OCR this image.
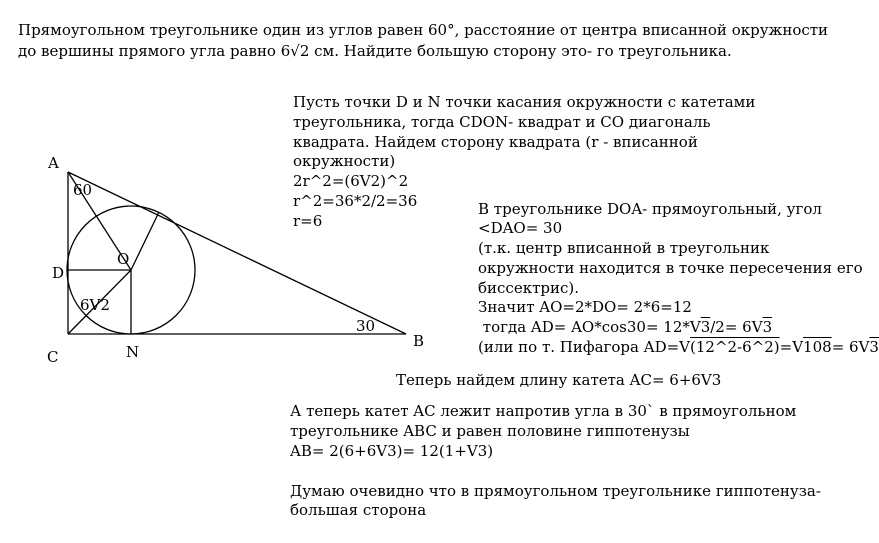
Прямоугольном треугольнике один из углов равен 60°, расстояние от центра вписанной окружности
до вершины прямого угла равно 6√2 см. Найдите большую сторону это- го треугольника.
A
B
C
D
N
O
60
30
6V2
Пусть точки D и N точки касания окружности с катетами
треугольника, тогда CDON- квадрат и CO диагональ
квадрата. Найдем сторону квадрата (r - вписанной
окружности)
2r^2=(6V2)^2
r^2=36*2/2=36
r=6
В треугольнике DOA- прямоугольный, угол
<DAO= 30
(т.к. центр вписанной в треугольник
окружности находится в точке пересечения его
биссектрис).
Значит AO=2*DO= 2*6=12
тогда AD= AO*cos30= 12*V3/2= 6V3
(или по т. Пифагора AD=V(12^2-6^2)=V108= 6V3
Теперь найдем длину катета AC= 6+6V3
А теперь катет AC лежит напротив угла в 30` в прямоугольном
треугольнике ABC и равен половине гиппотенузы
AB= 2(6+6V3)= 12(1+V3)
Думаю очевидно что в прямоугольном треугольнике гиппотенуза-
большая сторона
